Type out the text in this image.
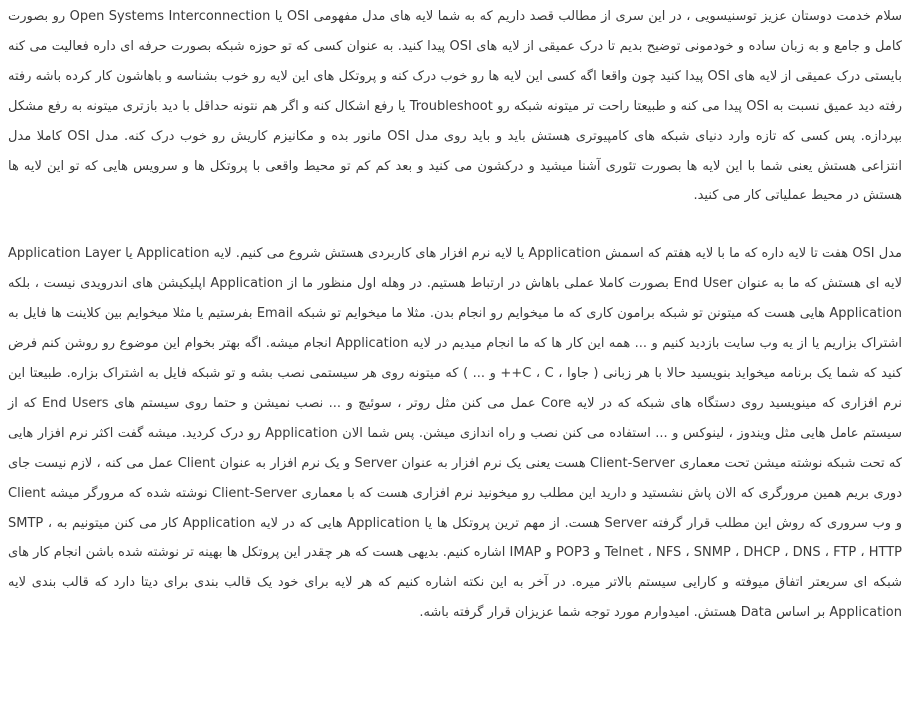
سلام خدمت دوستان عزیز توسنیسویی ، در این سری از مطالب قصد داریم که به شما لایه های مدل مفهومی OSI یا Open Systems Interconnection رو بصورت کامل و جامع و به زبان ساده و خودمونی توضیح بدیم تا درک عمیقی از لایه های OSI پیدا کنید. به عنوان کسی که تو حوزه شبکه بصورت حرفه ای داره فعالیت می کنه بایستی درک عمیقی از لایه های OSI پیدا کنید چون واقعا اگه کسی این لایه ها رو خوب درک کنه و پروتکل های این لایه رو خوب بشناسه و باهاشون کار کرده باشه رفته رفته دید عمیق نسبت به OSI پیدا می کنه و طبیعتا راحت تر میتونه شبکه رو Troubleshoot یا رفع اشکال کنه و اگر هم نتونه حداقل با دید بازتری میتونه به رفع مشکل بپردازه. پس کسی که تازه وارد دنیای شبکه های کامپیوتری هستش باید و باید روی مدل OSI مانور بده و مکانیزم کاریش رو خوب درک کنه. مدل OSI کاملا مدل انتزاعی هستش یعنی شما با این لایه ها بصورت تئوری آشنا میشید و درکشون می کنید و بعد کم کم تو محیط واقعی با پروتکل ها و سرویس هایی که تو این لایه ها هستش در محیط عملیاتی کار می کنید.

مدل OSI هفت تا لایه داره که ما با لایه هفتم که اسمش Application یا لایه نرم افزار های کاربردی هستش شروع می کنیم. لایه Application یا Application Layer لایه ای هستش که ما به عنوان End User بصورت کاملا عملی باهاش در ارتباط هستیم. در وهله اول منظور ما از Application اپلیکیشن های اندرویدی نیست ، بلکه Application هایی هست که میتونن تو شبکه برامون کاری که ما میخوایم رو انجام بدن. مثلا ما میخوایم تو شبکه Email بفرستیم یا مثلا میخوایم بین کلاینت ها فایل به اشتراک بزاریم یا از یه وب سایت بازدید کنیم و ... همه این کار ها که ما انجام میدیم در لایه Application انجام میشه. اگه بهتر بخوام این موضوع رو روشن کنم فرض کنید که شما یک برنامه میخواید بنویسید حالا با هر زبانی ( جاوا ، C ، C++ و ... ) که میتونه روی هر سیستمی نصب بشه و تو شبکه فایل به اشتراک بزاره. طبیعتا این نرم افزاری که مینویسید روی دستگاه های شبکه که در لایه Core عمل می کنن مثل روتر ، سوئیچ و ... نصب نمیشن و حتما روی سیستم های End Users که از سیستم عامل هایی مثل ویندوز ، لینوکس و ... استفاده می کنن نصب و راه اندازی میشن. پس شما الان Application رو درک کردید. میشه گفت اکثر نرم افزار هایی که تحت شبکه نوشته میشن تحت معماری Client-Server هست یعنی یک نرم افزار به عنوان Server و یک نرم افزار به عنوان Client عمل می کنه ، لازم نیست جای دوری بریم همین مرورگری که الان پاش نشستید و دارید این مطلب رو میخونید نرم افزاری هست که با معماری Client-Server نوشته شده که مرورگر میشه Client و وب سروری که روش این مطلب قرار گرفته Server هست. از مهم ترین پروتکل ها یا Application هایی که در لایه Application کار می کنن میتونیم به SMTP ، Telnet ، NFS ، SNMP ، DHCP ، DNS ، FTP ، HTTP و POP3 و IMAP اشاره کنیم. بدیهی هست که هر چقدر این پروتکل ها بهینه تر نوشته شده باشن انجام کار های شبکه ای سریعتر اتفاق میوفته و کارایی سیستم بالاتر میره. در آخر به این نکته اشاره کنیم که هر لایه برای خود یک قالب بندی برای دیتا دارد که قالب بندی لایه Application بر اساس Data هستش. امیدوارم مورد توجه شما عزیزان قرار گرفته باشه.
